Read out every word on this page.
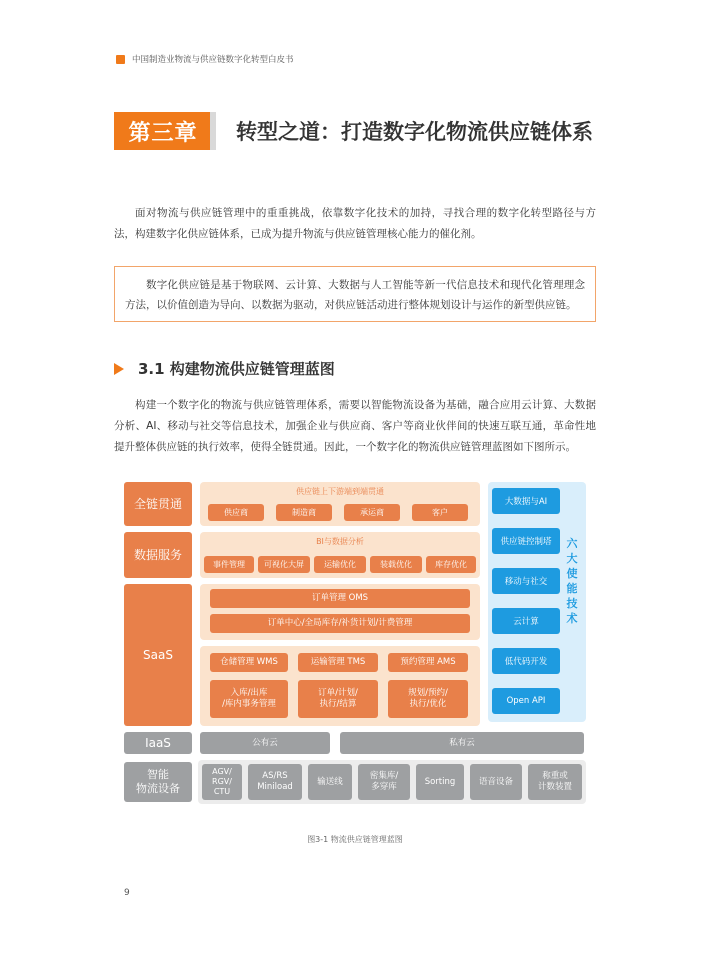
中国制造业物流与供应链数字化转型白皮书
第三章	转型之道：打造数字化物流供应链体系
面对物流与供应链管理中的重重挑战，依靠数字化技术的加持，寻找合理的数字化转型路径与方法，构建数字化供应链体系，已成为提升物流与供应链管理核心能力的催化剂。
数字化供应链是基于物联网、云计算、大数据与人工智能等新一代信息技术和现代化管理理念方法，以价值创造为导向、以数据为驱动，对供应链活动进行整体规划设计与运作的新型供应链。
3.1 构建物流供应链管理蓝图
构建一个数字化的物流与供应链管理体系，需要以智能物流设备为基础，融合应用云计算、大数据分析、AI、移动与社交等信息技术，加强企业与供应商、客户等商业伙伴间的快速互联互通，革命性地提升整体供应链的执行效率，使得全链贯通。因此，一个数字化的物流供应链管理蓝图如下图所示。
全链贯通
数据服务
SaaS
IaaS
智能
物流设备
供应链上下游端到端贯通
供应商	制造商	承运商	客户
BI与数据分析
事件管理	可视化大屏	运输优化	装载优化	库存优化
订单管理 OMS
订单中心/全局库存/补货计划/计费管理
仓储管理 WMS	运输管理 TMS	预约管理 AMS
入库/出库
/库内事务管理
订单/计划/
执行/结算
规划/预约/
执行/优化
大数据与AI
供应链控制塔
移动与社交
云计算
低代码开发
Open API
六大使能技术
公有云	私有云
AGV/
RGV/
CTU
AS/RS
Miniload
输送线
密集库/
多穿库
Sorting	语音设备
称重或
计数装置
图3-1 物流供应链管理蓝图
9
